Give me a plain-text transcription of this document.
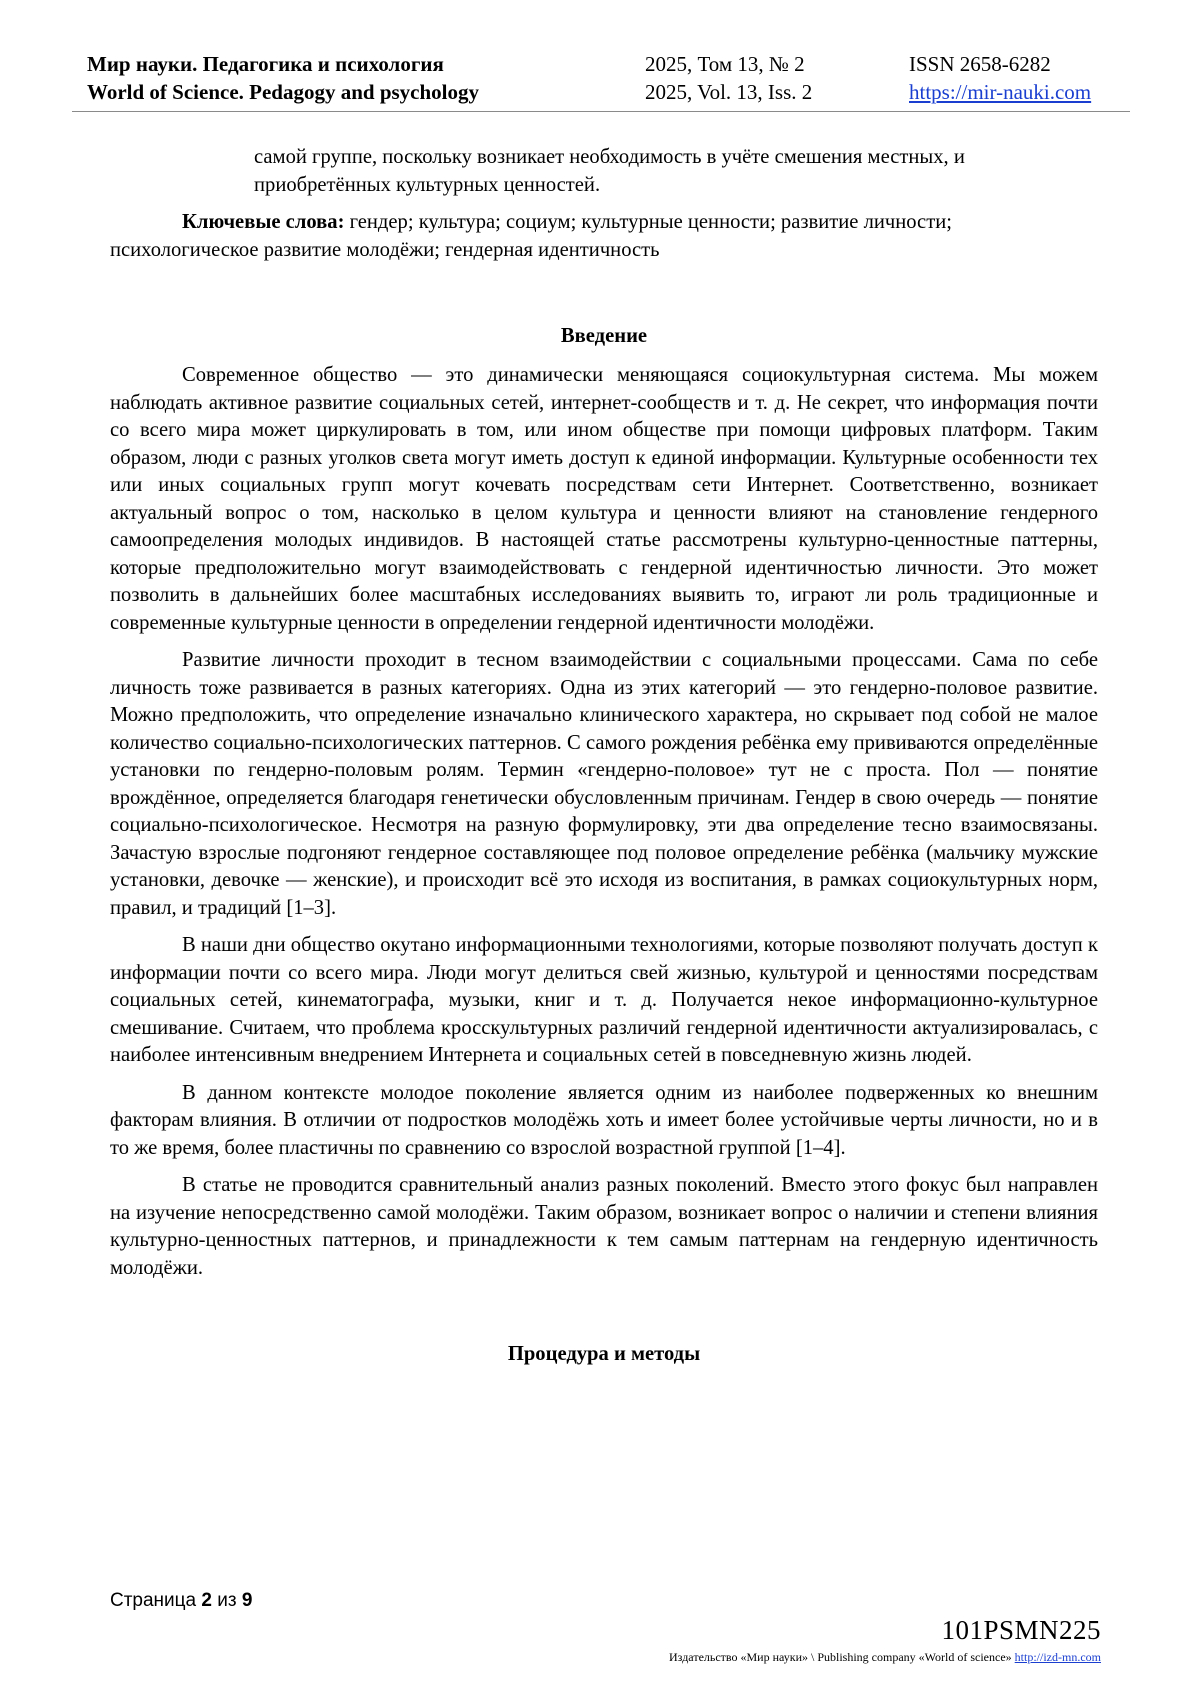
Мир науки. Педагогика и психология
World of Science. Pedagogy and psychology
2025, Том 13, № 2
2025, Vol. 13, Iss. 2
ISSN 2658-6282
https://mir-nauki.com

самой группе, поскольку возникает необходимость в учёте смешения местных, и приобретённых культурных ценностей.

Ключевые слова: гендер; культура; социум; культурные ценности; развитие личности; психологическое развитие молодёжи; гендерная идентичность

Введение

Современное общество — это динамически меняющаяся социокультурная система. Мы можем наблюдать активное развитие социальных сетей, интернет-сообществ и т. д. Не секрет, что информация почти со всего мира может циркулировать в том, или ином обществе при помощи цифровых платформ. Таким образом, люди с разных уголков света могут иметь доступ к единой информации. Культурные особенности тех или иных социальных групп могут кочевать посредствам сети Интернет. Соответственно, возникает актуальный вопрос о том, насколько в целом культура и ценности влияют на становление гендерного самоопределения молодых индивидов. В настоящей статье рассмотрены культурно-ценностные паттерны, которые предположительно могут взаимодействовать с гендерной идентичностью личности. Это может позволить в дальнейших более масштабных исследованиях выявить то, играют ли роль традиционные и современные культурные ценности в определении гендерной идентичности молодёжи.

Развитие личности проходит в тесном взаимодействии с социальными процессами. Сама по себе личность тоже развивается в разных категориях. Одна из этих категорий — это гендерно-половое развитие. Можно предположить, что определение изначально клинического характера, но скрывает под собой не малое количество социально-психологических паттернов. С самого рождения ребёнка ему прививаются определённые установки по гендерно-половым ролям. Термин «гендерно-половое» тут не с проста. Пол — понятие врождённое, определяется благодаря генетически обусловленным причинам. Гендер в свою очередь — понятие социально-психологическое. Несмотря на разную формулировку, эти два определение тесно взаимосвязаны. Зачастую взрослые подгоняют гендерное составляющее под половое определение ребёнка (мальчику мужские установки, девочке — женские), и происходит всё это исходя из воспитания, в рамках социокультурных норм, правил, и традиций [1–3].

В наши дни общество окутано информационными технологиями, которые позволяют получать доступ к информации почти со всего мира. Люди могут делиться свей жизнью, культурой и ценностями посредствам социальных сетей, кинематографа, музыки, книг и т. д. Получается некое информационно-культурное смешивание. Считаем, что проблема кросскультурных различий гендерной идентичности актуализировалась, с наиболее интенсивным внедрением Интернета и социальных сетей в повседневную жизнь людей.

В данном контексте молодое поколение является одним из наиболее подверженных ко внешним факторам влияния. В отличии от подростков молодёжь хоть и имеет более устойчивые черты личности, но и в то же время, более пластичны по сравнению со взрослой возрастной группой [1–4].

В статье не проводится сравнительный анализ разных поколений. Вместо этого фокус был направлен на изучение непосредственно самой молодёжи. Таким образом, возникает вопрос о наличии и степени влияния культурно-ценностных паттернов, и принадлежности к тем самым паттернам на гендерную идентичность молодёжи.

Процедура и методы
Страница 2 из 9
101PSMN225
Издательство «Мир науки» \ Publishing company «World of science» http://izd-mn.com
